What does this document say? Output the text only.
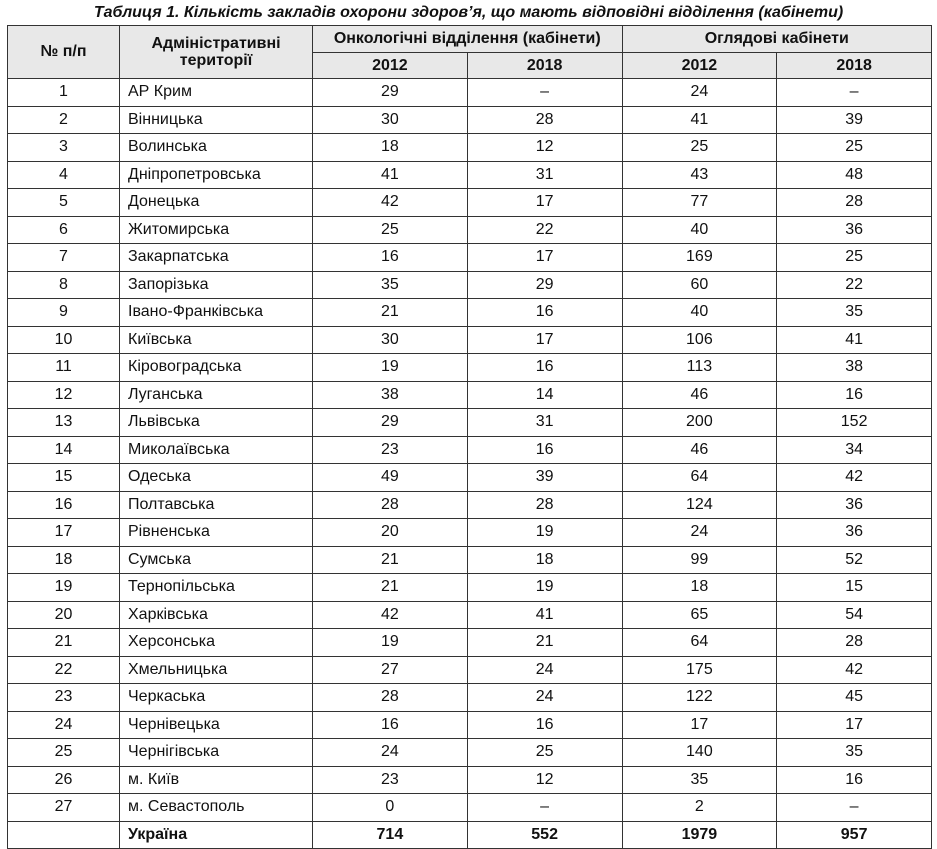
Таблиця 1. Кількість закладів охорони здоров’я, що мають відповідні відділення (кабінети)
№ п/п	Адміністративні території	Онкологічні відділення (кабінети)		Оглядові кабінети	
		2012	2018	2012	2018
1	АР Крим	29	–	24	–
2	Вінницька	30	28	41	39
3	Волинська	18	12	25	25
4	Дніпропетровська	41	31	43	48
5	Донецька	42	17	77	28
6	Житомирська	25	22	40	36
7	Закарпатська	16	17	169	25
8	Запорізька	35	29	60	22
9	Івано-Франківська	21	16	40	35
10	Київська	30	17	106	41
11	Кіровоградська	19	16	113	38
12	Луганська	38	14	46	16
13	Львівська	29	31	200	152
14	Миколаївська	23	16	46	34
15	Одеська	49	39	64	42
16	Полтавська	28	28	124	36
17	Рівненська	20	19	24	36
18	Сумська	21	18	99	52
19	Тернопільська	21	19	18	15
20	Харківська	42	41	65	54
21	Херсонська	19	21	64	28
22	Хмельницька	27	24	175	42
23	Черкаська	28	24	122	45
24	Чернівецька	16	16	17	17
25	Чернігівська	24	25	140	35
26	м. Київ	23	12	35	16
27	м. Севастополь	0	–	2	–
	Україна	714	552	1979	957
